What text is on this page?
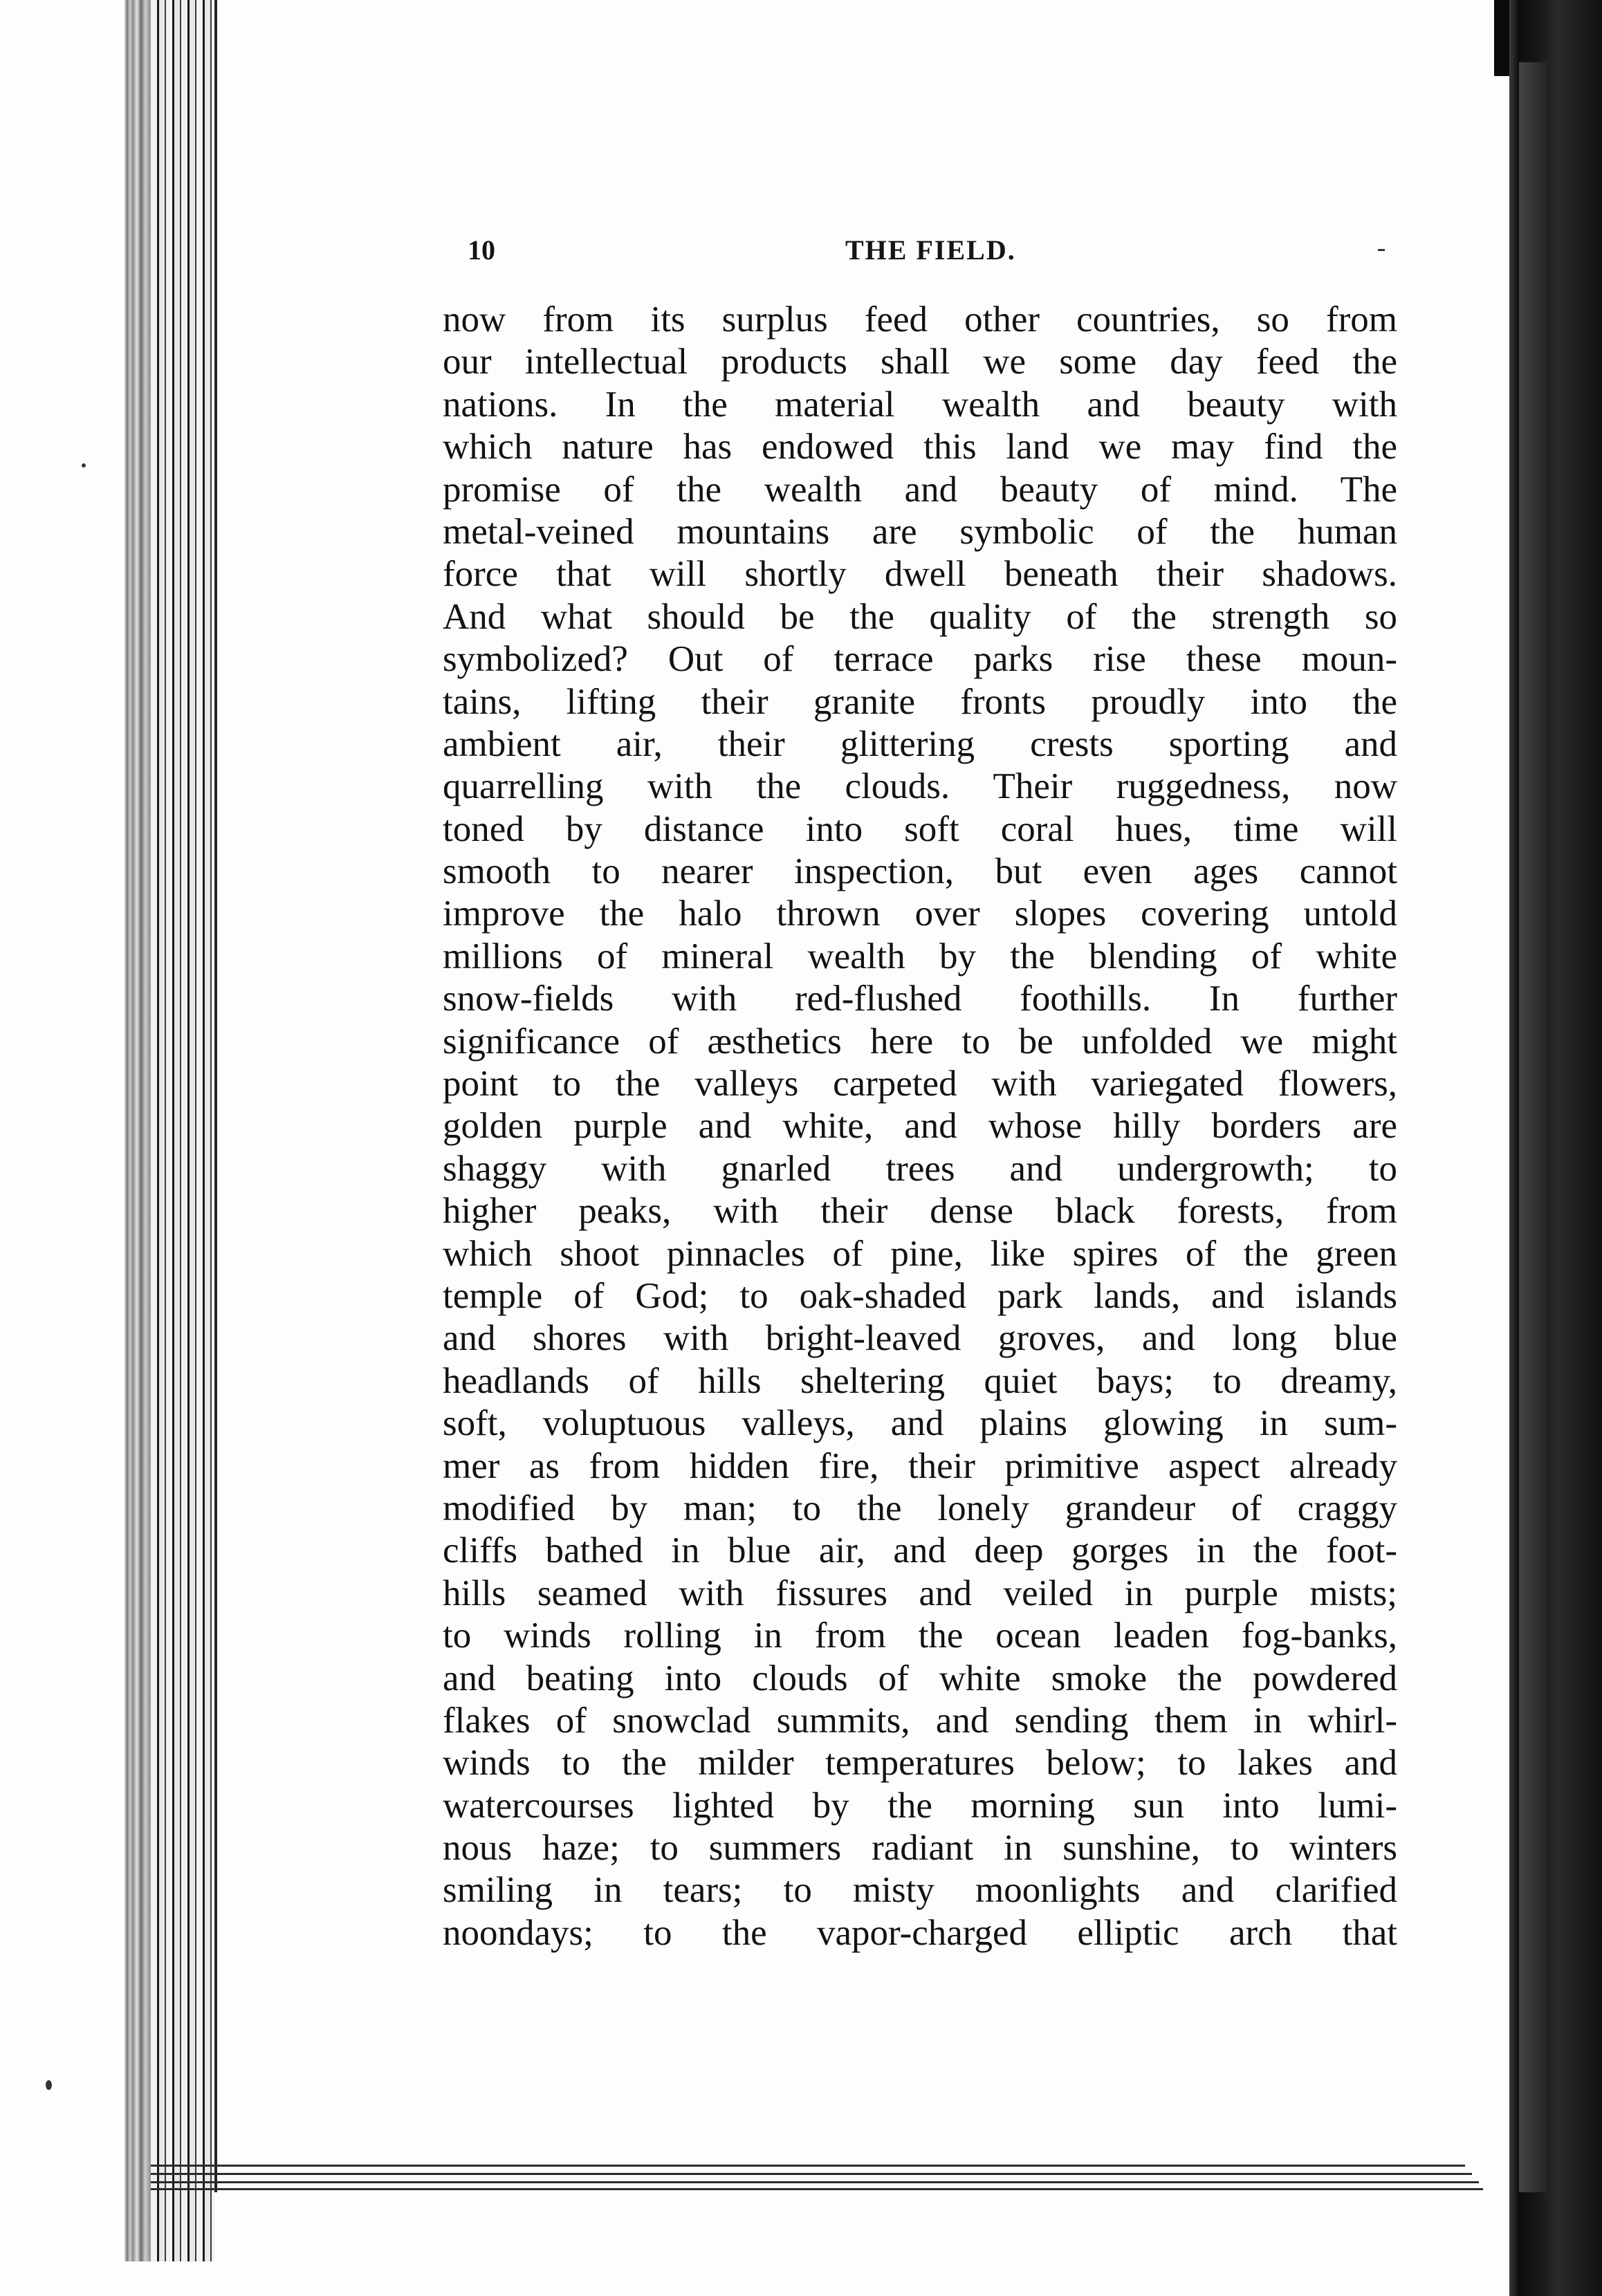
10	THE FIELD.
now from its surplus feed other countries, so from
our intellectual products shall we some day feed the
nations. In the material wealth and beauty with
which nature has endowed this land we may find the
promise of the wealth and beauty of mind. The
metal-veined mountains are symbolic of the human
force that will shortly dwell beneath their shadows.
And what should be the quality of the strength so
symbolized? Out of terrace parks rise these moun-
tains, lifting their granite fronts proudly into the
ambient air, their glittering crests sporting and
quarrelling with the clouds. Their ruggedness, now
toned by distance into soft coral hues, time will
smooth to nearer inspection, but even ages cannot
improve the halo thrown over slopes covering untold
millions of mineral wealth by the blending of white
snow-fields with red-flushed foothills. In further
significance of æsthetics here to be unfolded we might
point to the valleys carpeted with variegated flowers,
golden purple and white, and whose hilly borders are
shaggy with gnarled trees and undergrowth; to
higher peaks, with their dense black forests, from
which shoot pinnacles of pine, like spires of the green
temple of God; to oak-shaded park lands, and islands
and shores with bright-leaved groves, and long blue
headlands of hills sheltering quiet bays; to dreamy,
soft, voluptuous valleys, and plains glowing in sum-
mer as from hidden fire, their primitive aspect already
modified by man; to the lonely grandeur of craggy
cliffs bathed in blue air, and deep gorges in the foot-
hills seamed with fissures and veiled in purple mists;
to winds rolling in from the ocean leaden fog-banks,
and beating into clouds of white smoke the powdered
flakes of snowclad summits, and sending them in whirl-
winds to the milder temperatures below; to lakes and
watercourses lighted by the morning sun into lumi-
nous haze; to summers radiant in sunshine, to winters
smiling in tears; to misty moonlights and clarified
noondays; to the vapor-charged elliptic arch that
